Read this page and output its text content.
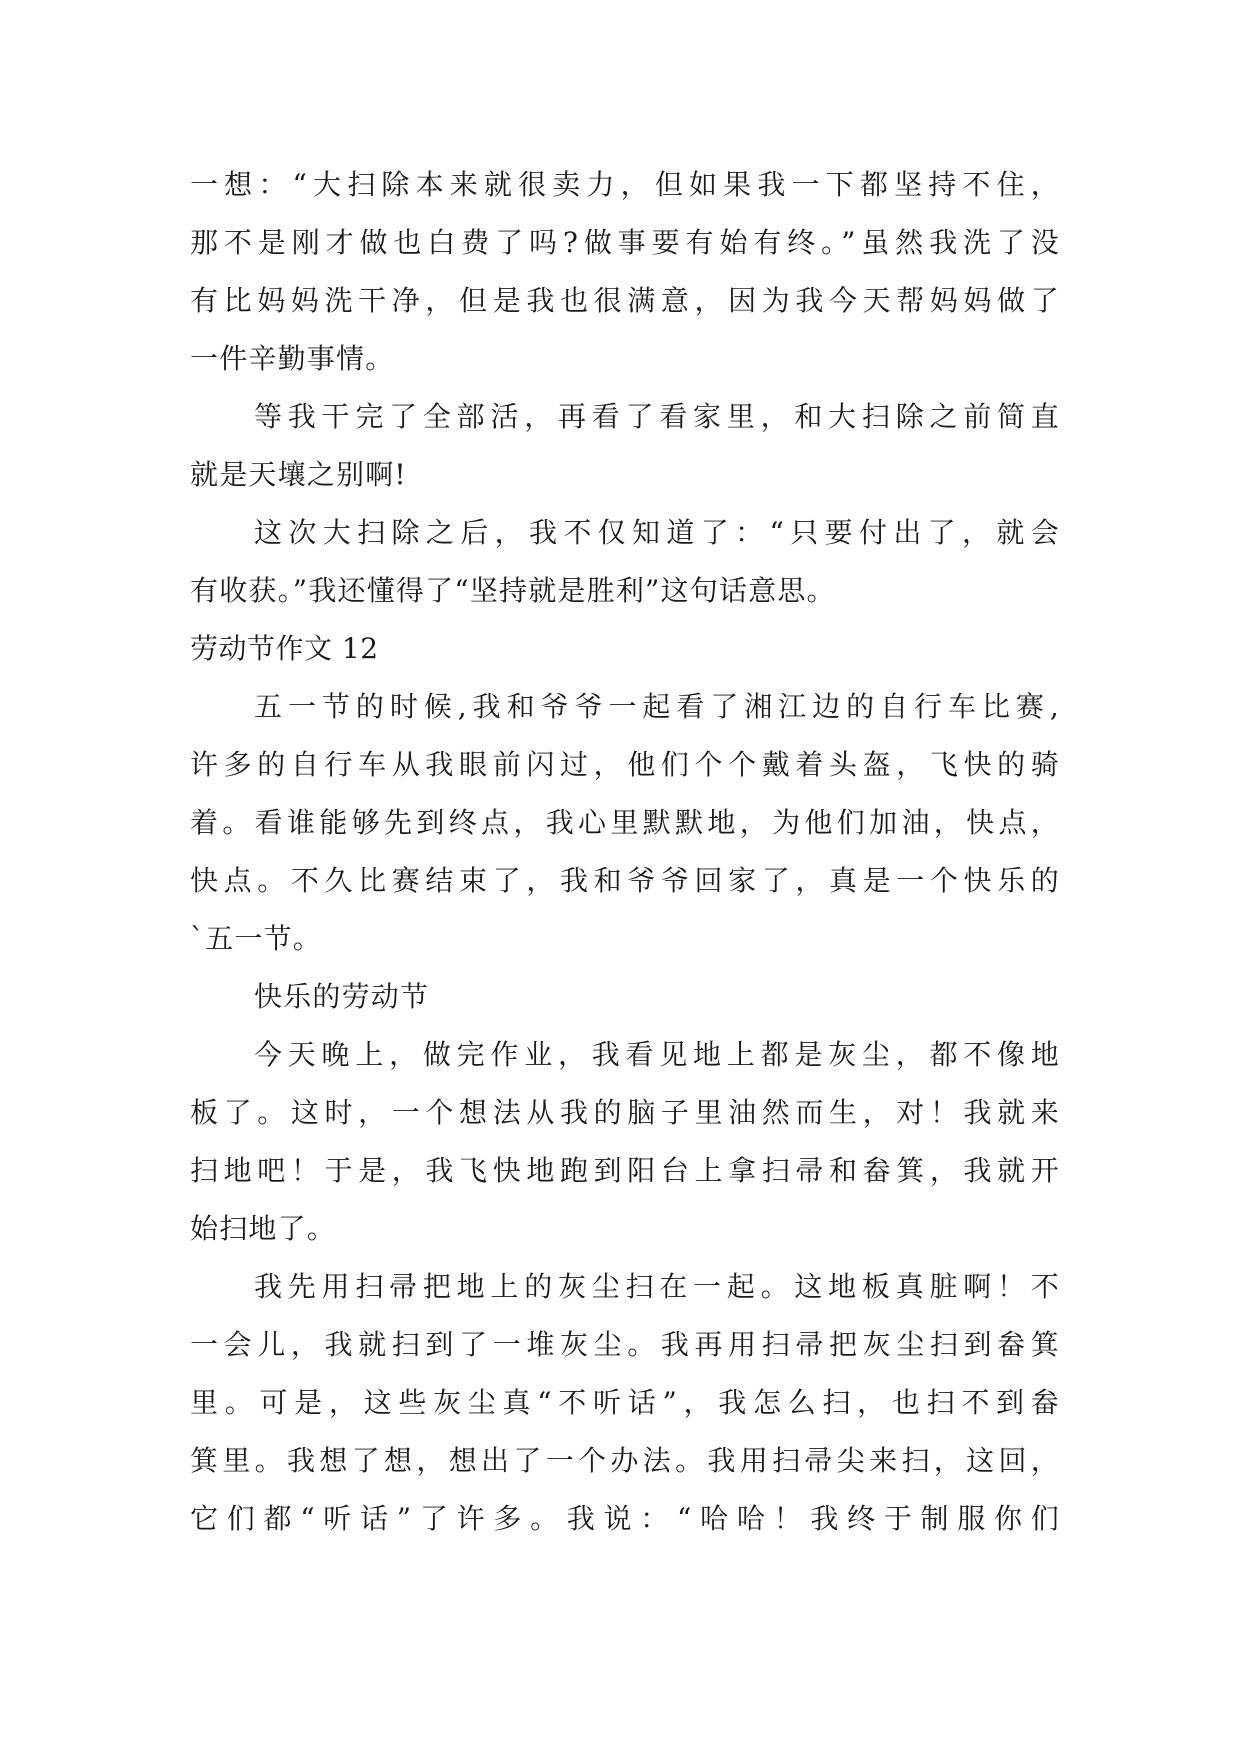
一想：“大扫除本来就很卖力，但如果我一下都坚持不住，
那不是刚才做也白费了吗?做事要有始有终。”虽然我洗了没
有比妈妈洗干净，但是我也很满意，因为我今天帮妈妈做了
一件辛勤事情。
等我干完了全部活，再看了看家里，和大扫除之前简直
就是天壤之别啊!
这次大扫除之后，我不仅知道了：“只要付出了，就会
有收获。”我还懂得了“坚持就是胜利”这句话意思。
劳动节作文 12
五一节的时候,我和爷爷一起看了湘江边的自行车比赛,
许多的自行车从我眼前闪过，他们个个戴着头盔，飞快的骑
着。看谁能够先到终点，我心里默默地，为他们加油，快点，
快点。不久比赛结束了，我和爷爷回家了，真是一个快乐的
`五一节。
快乐的劳动节
今天晚上，做完作业，我看见地上都是灰尘，都不像地
板了。这时，一个想法从我的脑子里油然而生，对！我就来
扫地吧！于是，我飞快地跑到阳台上拿扫帚和畚箕，我就开
始扫地了。
我先用扫帚把地上的灰尘扫在一起。这地板真脏啊！不
一会儿，我就扫到了一堆灰尘。我再用扫帚把灰尘扫到畚箕
里。可是，这些灰尘真“不听话”，我怎么扫，也扫不到畚
箕里。我想了想，想出了一个办法。我用扫帚尖来扫，这回，
它们都“听话”了许多。我说：“哈哈！我终于制服你们
